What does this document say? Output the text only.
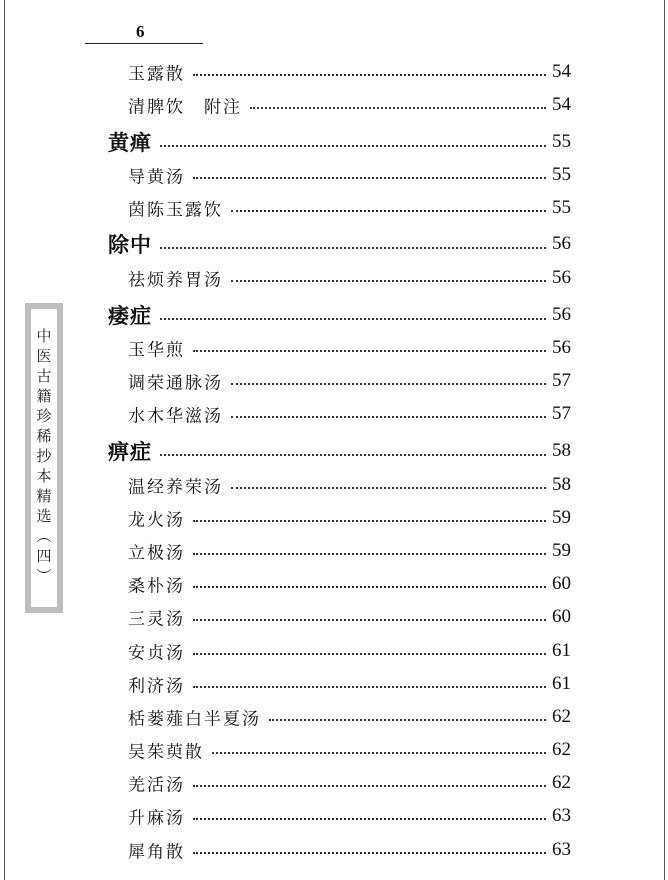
6
中医古籍珍稀抄本精选（四）
玉露散	54
清脾饮　附注	54
黄瘅	55
导黄汤	55
茵陈玉露饮	55
除中	56
祛烦养胃汤	56
痿症	56
玉华煎	56
调荣通脉汤	57
水木华滋汤	57
痹症	58
温经养荣汤	58
龙火汤	59
立极汤	59
桑朴汤	60
三灵汤	60
安贞汤	61
利济汤	61
栝蒌薤白半夏汤	62
吴茱萸散	62
羌活汤	62
升麻汤	63
犀角散	63
